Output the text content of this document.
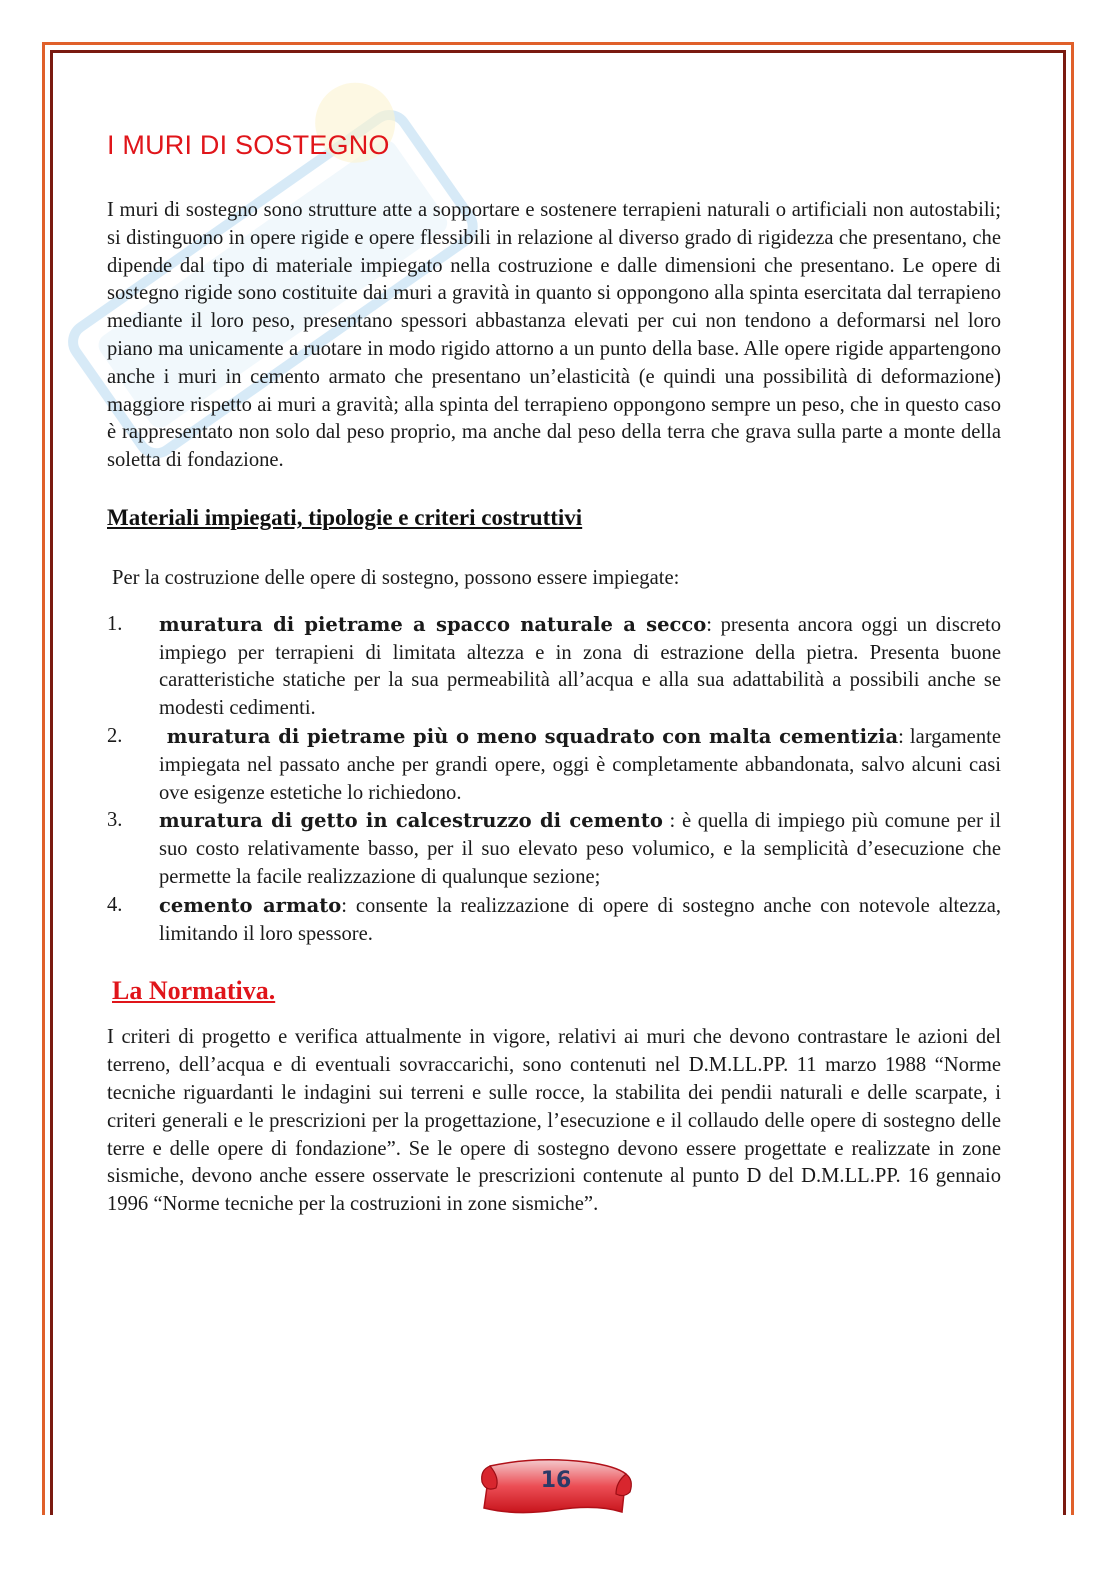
I MURI DI SOSTEGNO

I muri di sostegno sono strutture atte a sopportare e sostenere terrapieni naturali o artificiali non autostabili; si distinguono in opere rigide e opere flessibili in relazione al diverso grado di rigidezza che presentano, che dipende dal tipo di materiale impiegato nella costruzione e dalle dimensioni che presentano. Le opere di sostegno rigide sono costituite dai muri a gravità in quanto si oppongono alla spinta esercitata dal terrapieno mediante il loro peso, presentano spessori abbastanza elevati per cui non tendono a deformarsi nel loro piano ma unicamente a ruotare in modo rigido attorno a un punto della base. Alle opere rigide appartengono anche i muri in cemento armato che presentano un’elasticità (e quindi una possibilità di deformazione) maggiore rispetto ai muri a gravità; alla spinta del terrapieno oppongono sempre un peso, che in questo caso è rappresentato non solo dal peso proprio, ma anche dal peso della terra che grava sulla parte a monte della soletta di fondazione.

Materiali impiegati, tipologie e criteri costruttivi

Per la costruzione delle opere di sostegno, possono essere impiegate:

1. muratura di pietrame a spacco naturale a secco: presenta ancora oggi un discreto impiego per terrapieni di limitata altezza e in zona di estrazione della pietra. Presenta buone caratteristiche statiche per la sua permeabilità all’acqua e alla sua adattabilità a possibili anche se modesti cedimenti.
2. muratura di pietrame più o meno squadrato con malta cementizia: largamente impiegata nel passato anche per grandi opere, oggi è completamente abbandonata, salvo alcuni casi ove esigenze estetiche lo richiedono.
3. muratura di getto in calcestruzzo di cemento : è quella di impiego più comune per il suo costo relativamente basso, per il suo elevato peso volumico, e la semplicità d’esecuzione che permette la facile realizzazione di qualunque sezione;
4. cemento armato: consente la realizzazione di opere di sostegno anche con notevole altezza, limitando il loro spessore.
La Normativa.

I criteri di progetto e verifica attualmente in vigore, relativi ai muri che devono contrastare le azioni del terreno, dell’acqua e di eventuali sovraccarichi, sono contenuti nel D.M.LL.PP. 11 marzo 1988 “Norme tecniche riguardanti le indagini sui terreni e sulle rocce, la stabilita dei pendii naturali e delle scarpate, i criteri generali e le prescrizioni per la progettazione, l’esecuzione e il collaudo delle opere di sostegno delle terre e delle opere di fondazione”. Se le opere di sostegno devono essere progettate e realizzate in zone sismiche, devono anche essere osservate le prescrizioni contenute al punto D del D.M.LL.PP. 16 gennaio 1996 “Norme tecniche per la costruzioni in zone sismiche”.

16
